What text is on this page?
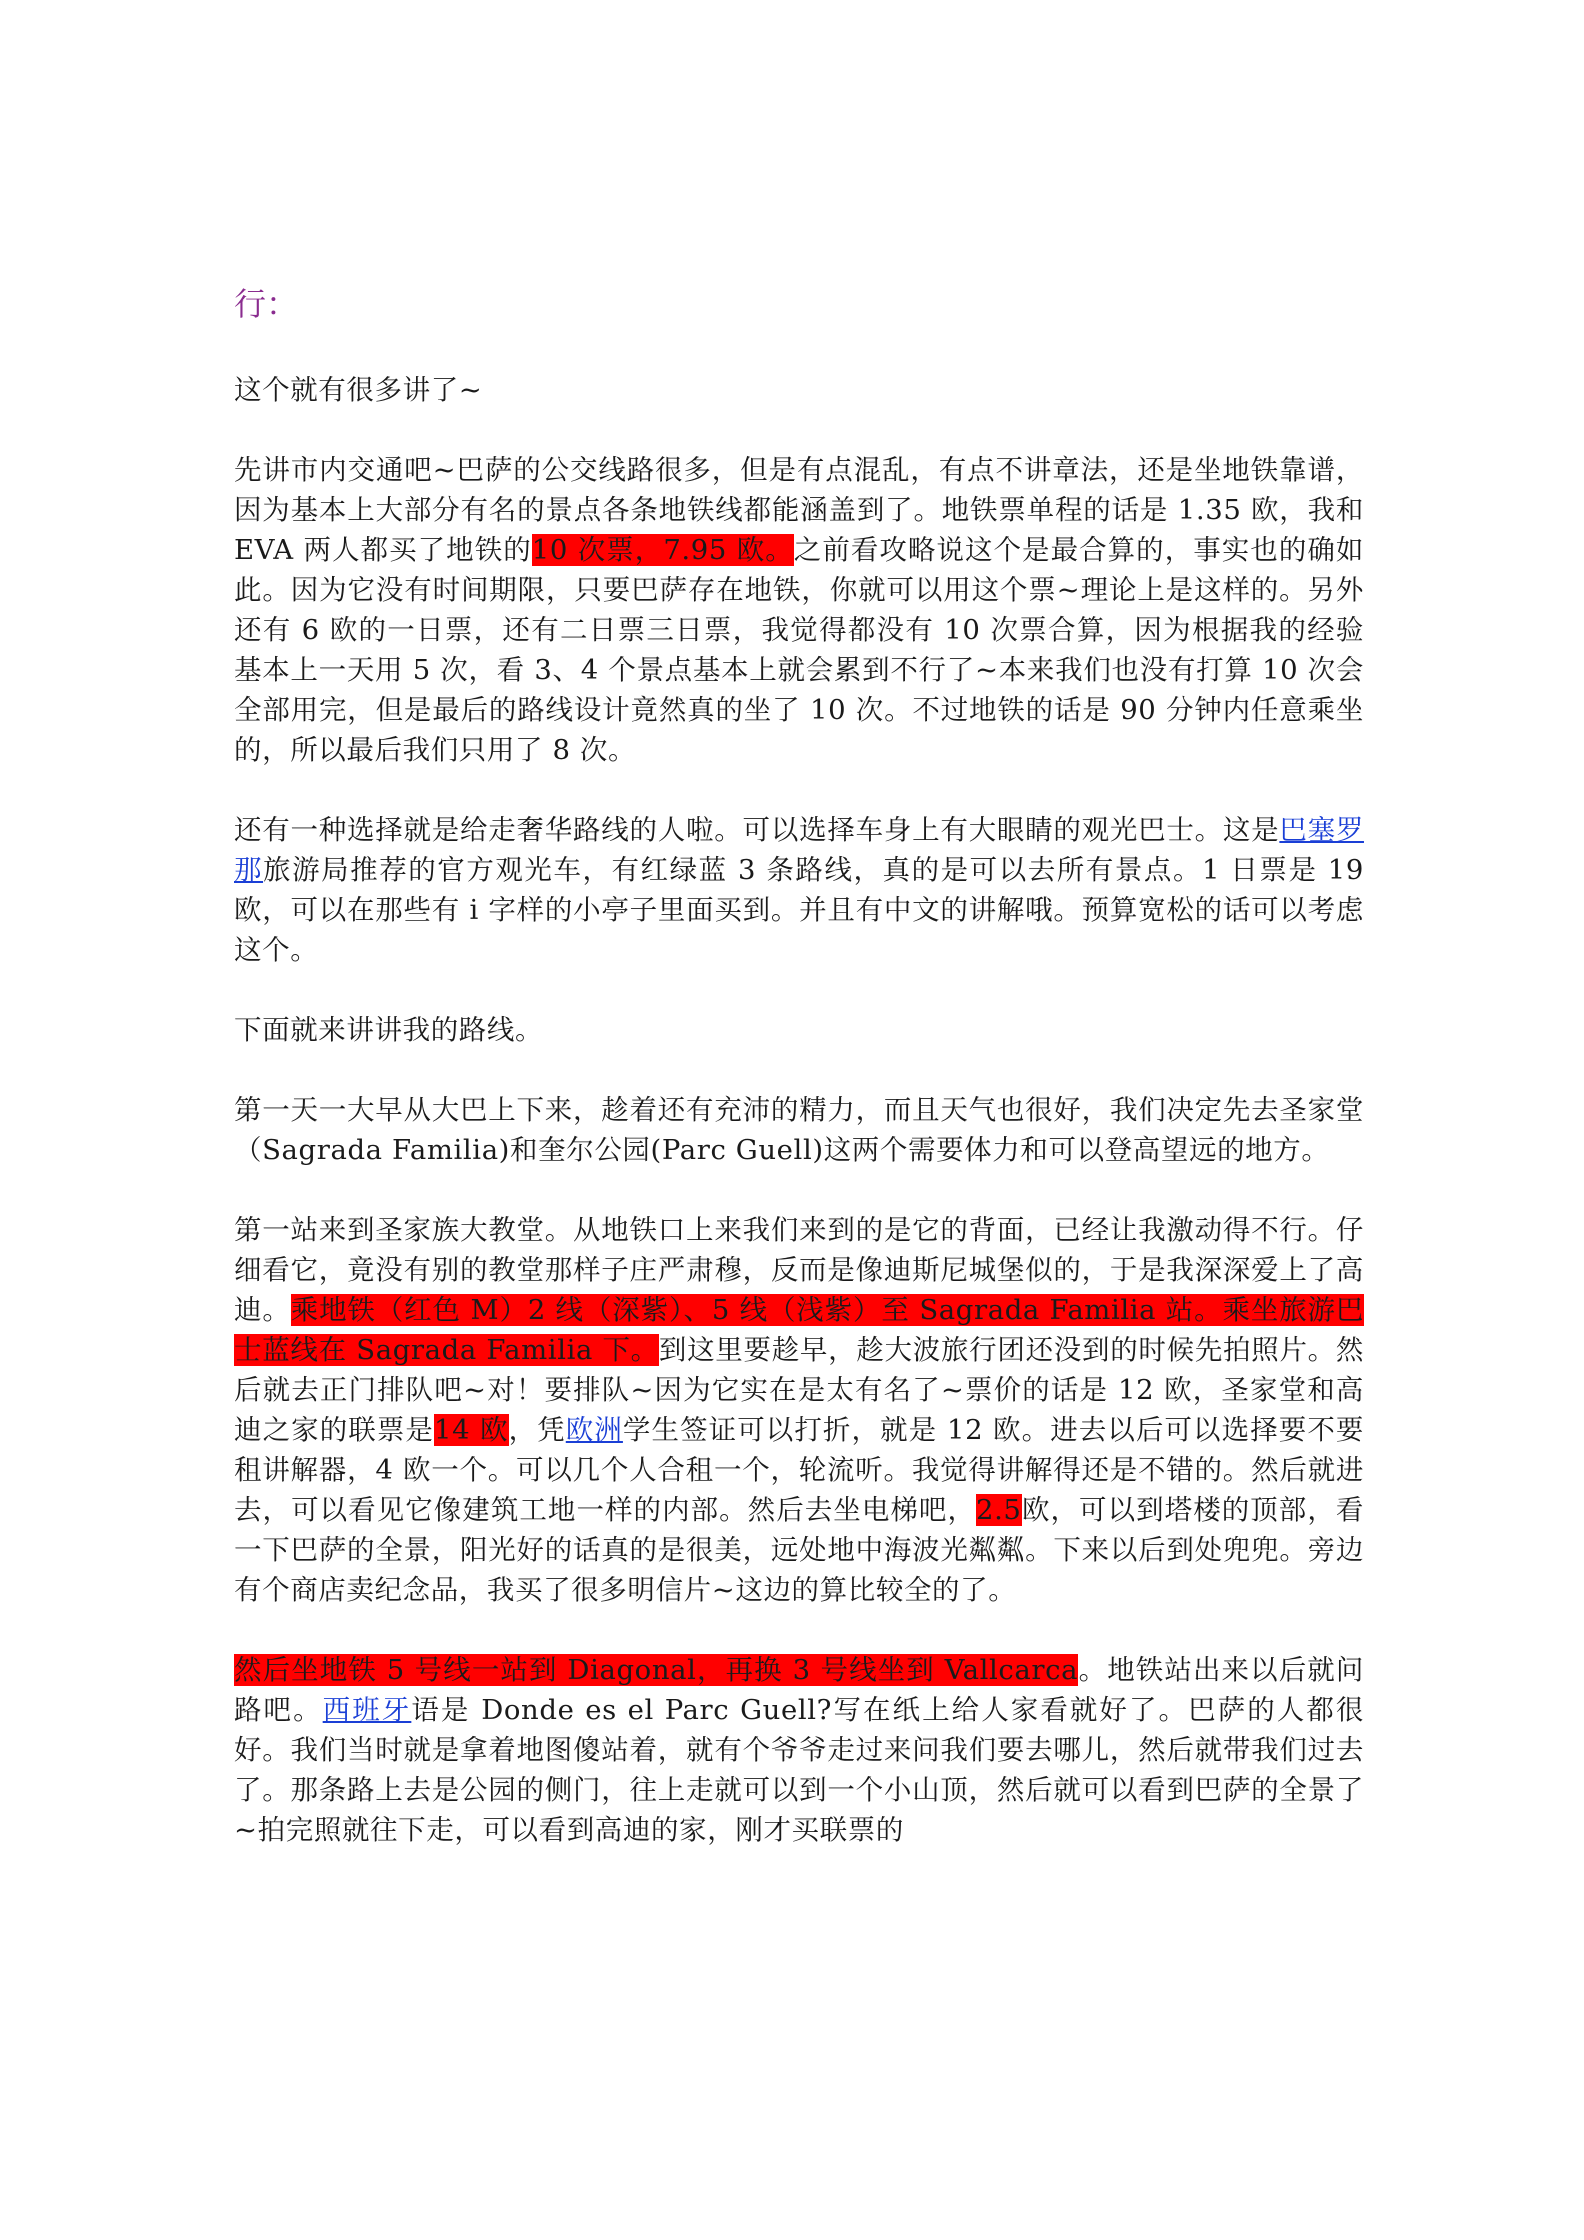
行：

这个就有很多讲了~

先讲市内交通吧~巴萨的公交线路很多，但是有点混乱，有点不讲章法，还是坐地铁靠谱，因为基本上大部分有名的景点各条地铁线都能涵盖到了。地铁票单程的话是 1.35 欧，我和 EVA 两人都买了地铁的10 次票，7.95 欧。之前看攻略说这个是最合算的，事实也的确如此。因为它没有时间期限，只要巴萨存在地铁，你就可以用这个票~理论上是这样的。另外还有 6 欧的一日票，还有二日票三日票，我觉得都没有 10 次票合算，因为根据我的经验基本上一天用 5 次，看 3、4 个景点基本上就会累到不行了~本来我们也没有打算 10 次会全部用完，但是最后的路线设计竟然真的坐了 10 次。不过地铁的话是 90 分钟内任意乘坐的，所以最后我们只用了 8 次。

还有一种选择就是给走奢华路线的人啦。可以选择车身上有大眼睛的观光巴士。这是巴塞罗那旅游局推荐的官方观光车，有红绿蓝 3 条路线，真的是可以去所有景点。1 日票是 19 欧，可以在那些有 i 字样的小亭子里面买到。并且有中文的讲解哦。预算宽松的话可以考虑这个。

下面就来讲讲我的路线。

第一天一大早从大巴上下来，趁着还有充沛的精力，而且天气也很好，我们决定先去圣家堂（Sagrada Familia)和奎尔公园(Parc Guell)这两个需要体力和可以登高望远的地方。

第一站来到圣家族大教堂。从地铁口上来我们来到的是它的背面，已经让我激动得不行。仔细看它，竟没有别的教堂那样子庄严肃穆，反而是像迪斯尼城堡似的，于是我深深爱上了高迪。乘地铁（红色 M）2 线（深紫）、5 线（浅紫）至 Sagrada Familia 站。乘坐旅游巴士蓝线在 Sagrada Familia 下。到这里要趁早，趁大波旅行团还没到的时候先拍照片。然后就去正门排队吧~对！要排队~因为它实在是太有名了~票价的话是 12 欧，圣家堂和高迪之家的联票是14 欧，凭欧洲学生签证可以打折，就是 12 欧。进去以后可以选择要不要租讲解器，4 欧一个。可以几个人合租一个，轮流听。我觉得讲解得还是不错的。然后就进去，可以看见它像建筑工地一样的内部。然后去坐电梯吧，2.5欧，可以到塔楼的顶部，看一下巴萨的全景，阳光好的话真的是很美，远处地中海波光粼粼。下来以后到处兜兜。旁边有个商店卖纪念品，我买了很多明信片~这边的算比较全的了。

然后坐地铁 5 号线一站到 Diagonal，再换 3 号线坐到 Vallcarca。地铁站出来以后就问路吧。西班牙语是 Donde es el Parc Guell?写在纸上给人家看就好了。巴萨的人都很好。我们当时就是拿着地图傻站着，就有个爷爷走过来问我们要去哪儿，然后就带我们过去了。那条路上去是公园的侧门，往上走就可以到一个小山顶，然后就可以看到巴萨的全景了~拍完照就往下走，可以看到高迪的家，刚才买联票的
